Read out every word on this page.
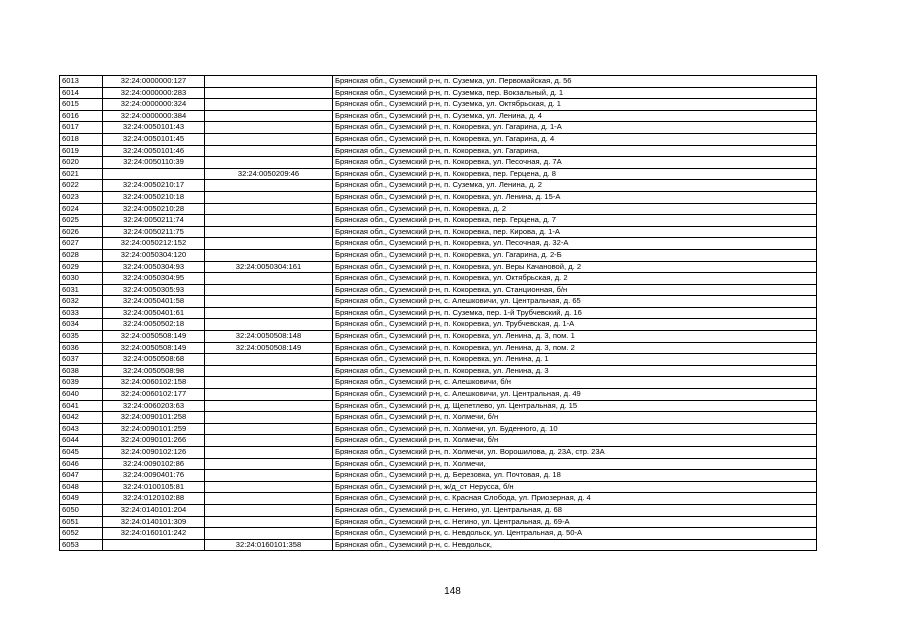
6013	32:24:0000000:127		Брянская обл., Суземский р-н, п. Суземка, ул. Первомайская, д. 56
6014	32:24:0000000:283		Брянская обл., Суземский р-н, п. Суземка, пер. Вокзальный, д. 1
6015	32:24:0000000:324		Брянская обл., Суземский р-н, п. Суземка, ул. Октябрьская, д. 1
6016	32:24:0000000:384		Брянская обл., Суземский р-н, п. Суземка, ул. Ленина, д. 4
6017	32:24:0050101:43		Брянская обл., Суземский р-н, п. Кокоревка, ул. Гагарина, д. 1-А
6018	32:24:0050101:45		Брянская обл., Суземский р-н, п. Кокоревка, ул. Гагарина, д. 4
6019	32:24:0050101:46		Брянская обл., Суземский р-н, п. Кокоревка, ул. Гагарина,
6020	32:24:0050110:39		Брянская обл., Суземский р-н, п. Кокоревка, ул. Песочная, д. 7А
6021		32:24:0050209:46	Брянская обл., Суземский р-н, п. Кокоревка, пер. Герцена, д. 8
6022	32:24:0050210:17		Брянская обл., Суземский р-н, п. Суземка, ул. Ленина, д. 2
6023	32:24:0050210:18		Брянская обл., Суземский р-н, п. Кокоревка, ул. Ленина, д. 15-А
6024	32:24:0050210:28		Брянская обл., Суземский р-н, п. Кокоревка, д. 2
6025	32:24:0050211:74		Брянская обл., Суземский р-н, п. Кокоревка, пер. Герцена, д. 7
6026	32:24:0050211:75		Брянская обл., Суземский р-н, п. Кокоревка, пер. Кирова, д. 1-А
6027	32:24:0050212:152		Брянская обл., Суземский р-н, п. Кокоревка, ул. Песочная, д. 32-А
6028	32:24:0050304:120		Брянская обл., Суземский р-н, п. Кокоревка, ул. Гагарина, д. 2-Б
6029	32:24:0050304:93	32:24:0050304:161	Брянская обл., Суземский р-н, п. Кокоревка, ул. Веры Качановой, д. 2
6030	32:24:0050304:95		Брянская обл., Суземский р-н, п. Кокоревка, ул. Октябрьская, д. 2
6031	32:24:0050305:93		Брянская обл., Суземский р-н, п. Кокоревка, ул. Станционная, б/н
6032	32:24:0050401:58		Брянская обл., Суземский р-н, с. Алешковичи, ул. Центральная, д. 65
6033	32:24:0050401:61		Брянская обл., Суземский р-н, п. Суземка, пер. 1-й Трубчевский, д. 16
6034	32:24:0050502:18		Брянская обл., Суземский р-н, п. Кокоревка, ул. Трубчевская, д. 1-А
6035	32:24:0050508:149	32:24:0050508:148	Брянская обл., Суземский р-н, п. Кокоревка, ул. Ленина, д. 3, пом. 1
6036	32:24:0050508:149	32:24:0050508:149	Брянская обл., Суземский р-н, п. Кокоревка, ул. Ленина, д. 3, пом. 2
6037	32:24:0050508:68		Брянская обл., Суземский р-н, п. Кокоревка, ул. Ленина, д. 1
6038	32:24:0050508:98		Брянская обл., Суземский р-н, п. Кокоревка, ул. Ленина, д. 3
6039	32:24:0060102:158		Брянская обл., Суземский р-н, с. Алешковичи, б/н
6040	32:24:0060102:177		Брянская обл., Суземский р-н, с. Алешковичи, ул. Центральная, д. 49
6041	32:24:0060203:63		Брянская обл., Суземский р-н, д. Щепетлево, ул. Центральная, д. 15
6042	32:24:0090101:258		Брянская обл., Суземский р-н, п. Холмечи, б/н
6043	32:24:0090101:259		Брянская обл., Суземский р-н, п. Холмечи, ул. Буденного, д. 10
6044	32:24:0090101:266		Брянская обл., Суземский р-н, п. Холмечи, б/н
6045	32:24:0090102:126		Брянская обл., Суземский р-н, п. Холмечи, ул. Ворошилова, д. 23А, стр. 23А
6046	32:24:0090102:86		Брянская обл., Суземский р-н, п. Холмечи,
6047	32:24:0090401:76		Брянская обл., Суземский р-н, д. Березовка, ул. Почтовая, д. 18
6048	32:24:0100105:81		Брянская обл., Суземский р-н, ж/д_ст Нерусса, б/н
6049	32:24:0120102:88		Брянская обл., Суземский р-н, с. Красная Слобода, ул. Приозерная, д. 4
6050	32:24:0140101:204		Брянская обл., Суземский р-н, с. Негино, ул. Центральная, д. 68
6051	32:24:0140101:309		Брянская обл., Суземский р-н, с. Негино, ул. Центральная, д. 69-А
6052	32:24:0160101:242		Брянская обл., Суземский р-н, с. Невдольск, ул. Центральная, д. 50-А
6053		32:24:0160101:358	Брянская обл., Суземский р-н, с. Невдольск,
148
